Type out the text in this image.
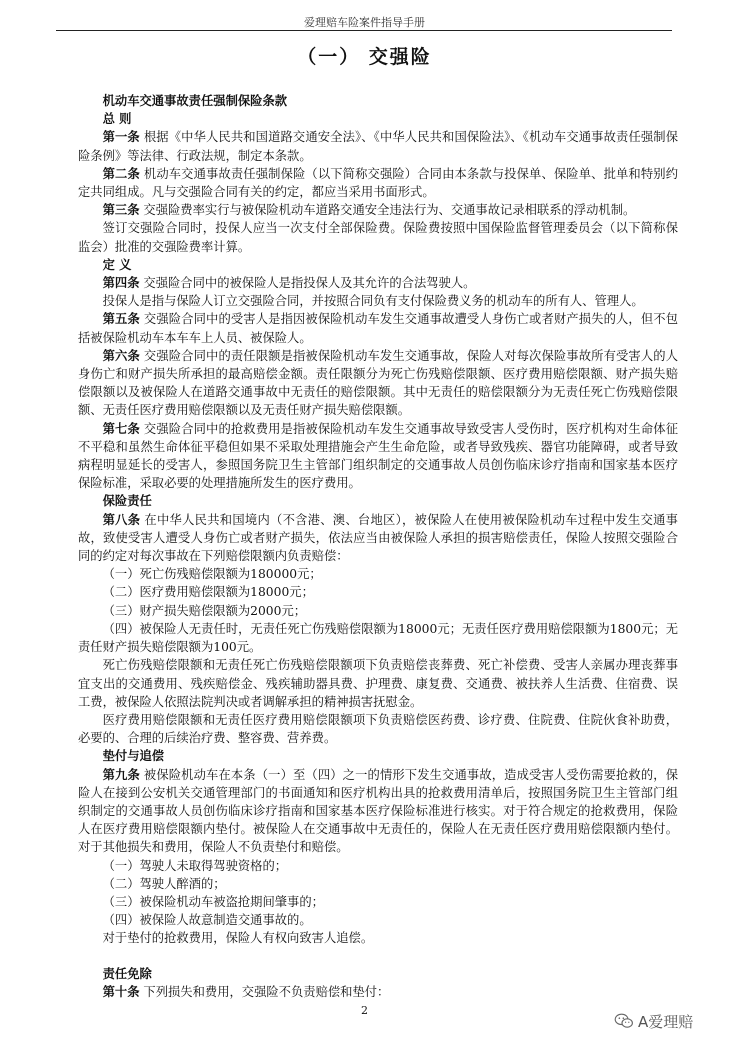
爱理赔车险案件指导手册
（一） 交强险

机动车交通事故责任强制保险条款

总 则

第一条 根据《中华人民共和国道路交通安全法》、《中华人民共和国保险法》、《机动车交通事故责任强制保险条例》等法律、行政法规，制定本条款。

第二条 机动车交通事故责任强制保险（以下简称交强险）合同由本条款与投保单、保险单、批单和特别约定共同组成。凡与交强险合同有关的约定，都应当采用书面形式。

第三条 交强险费率实行与被保险机动车道路交通安全违法行为、交通事故记录相联系的浮动机制。

签订交强险合同时，投保人应当一次支付全部保险费。保险费按照中国保险监督管理委员会（以下简称保监会）批准的交强险费率计算。

定 义

第四条 交强险合同中的被保险人是指投保人及其允许的合法驾驶人。

投保人是指与保险人订立交强险合同，并按照合同负有支付保险费义务的机动车的所有人、管理人。

第五条 交强险合同中的受害人是指因被保险机动车发生交通事故遭受人身伤亡或者财产损失的人，但不包括被保险机动车本车车上人员、被保险人。

第六条 交强险合同中的责任限额是指被保险机动车发生交通事故，保险人对每次保险事故所有受害人的人身伤亡和财产损失所承担的最高赔偿金额。责任限额分为死亡伤残赔偿限额、医疗费用赔偿限额、财产损失赔偿限额以及被保险人在道路交通事故中无责任的赔偿限额。其中无责任的赔偿限额分为无责任死亡伤残赔偿限额、无责任医疗费用赔偿限额以及无责任财产损失赔偿限额。

第七条 交强险合同中的抢救费用是指被保险机动车发生交通事故导致受害人受伤时，医疗机构对生命体征不平稳和虽然生命体征平稳但如果不采取处理措施会产生生命危险，或者导致残疾、器官功能障碍，或者导致病程明显延长的受害人，参照国务院卫生主管部门组织制定的交通事故人员创伤临床诊疗指南和国家基本医疗保险标准，采取必要的处理措施所发生的医疗费用。

保险责任

第八条 在中华人民共和国境内（不含港、澳、台地区），被保险人在使用被保险机动车过程中发生交通事故，致使受害人遭受人身伤亡或者财产损失，依法应当由被保险人承担的损害赔偿责任，保险人按照交强险合同的约定对每次事故在下列赔偿限额内负责赔偿：

（一）死亡伤残赔偿限额为180000元；

（二）医疗费用赔偿限额为18000元；

（三）财产损失赔偿限额为2000元；

（四）被保险人无责任时，无责任死亡伤残赔偿限额为18000元；无责任医疗费用赔偿限额为1800元；无责任财产损失赔偿限额为100元。

死亡伤残赔偿限额和无责任死亡伤残赔偿限额项下负责赔偿丧葬费、死亡补偿费、受害人亲属办理丧葬事宜支出的交通费用、残疾赔偿金、残疾辅助器具费、护理费、康复费、交通费、被扶养人生活费、住宿费、误工费，被保险人依照法院判决或者调解承担的精神损害抚慰金。

医疗费用赔偿限额和无责任医疗费用赔偿限额项下负责赔偿医药费、诊疗费、住院费、住院伙食补助费，必要的、合理的后续治疗费、整容费、营养费。

垫付与追偿

第九条 被保险机动车在本条（一）至（四）之一的情形下发生交通事故，造成受害人受伤需要抢救的，保险人在接到公安机关交通管理部门的书面通知和医疗机构出具的抢救费用清单后，按照国务院卫生主管部门组织制定的交通事故人员创伤临床诊疗指南和国家基本医疗保险标准进行核实。对于符合规定的抢救费用，保险人在医疗费用赔偿限额内垫付。被保险人在交通事故中无责任的，保险人在无责任医疗费用赔偿限额内垫付。对于其他损失和费用，保险人不负责垫付和赔偿。

（一）驾驶人未取得驾驶资格的；

（二）驾驶人醉酒的；

（三）被保险机动车被盗抢期间肇事的；

（四）被保险人故意制造交通事故的。

对于垫付的抢救费用，保险人有权向致害人追偿。

责任免除

第十条 下列损失和费用，交强险不负责赔偿和垫付：

2
A爱理赔
